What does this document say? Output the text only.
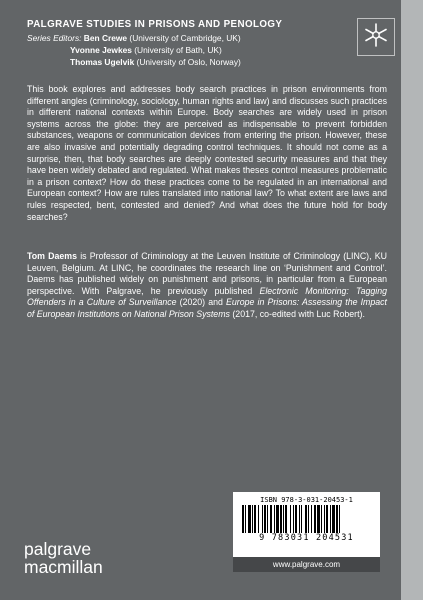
PALGRAVE STUDIES IN PRISONS AND PENOLOGY
Series Editors: Ben Crewe (University of Cambridge, UK)
Yvonne Jewkes (University of Bath, UK)
Thomas Ugelvik (University of Oslo, Norway)

This book explores and addresses body search practices in prison environments from different angles (criminology, sociology, human rights and law) and discusses such practices in different national contexts within Europe. Body searches are widely used in prison systems across the globe: they are perceived as indispensable to prevent forbidden substances, weapons or communication devices from entering the prison. However, these are also invasive and potentially degrading control techniques. It should not come as a surprise, then, that body searches are deeply contested security measures and that they have been widely debated and regulated. What makes theses control measures problematic in a prison context? How do these practices come to be regulated in an international and European context? How are rules translated into national law? To what extent are laws and rules respected, bent, contested and denied? And what does the future hold for body searches?

Tom Daems is Professor of Criminology at the Leuven Institute of Criminology (LINC), KU Leuven, Belgium. At LINC, he coordinates the research line on ‘Punishment and Control’. Daems has published widely on punishment and prisons, in particular from a European perspective. With Palgrave, he previously published Electronic Monitoring: Tagging Offenders in a Culture of Surveillance (2020) and Europe in Prisons: Assessing the Impact of European Institutions on National Prison Systems (2017, co-edited with Luc Robert).

ISBN 978-3-031-20453-1
9 783031 204531
www.palgrave.com
palgrave
macmillan
